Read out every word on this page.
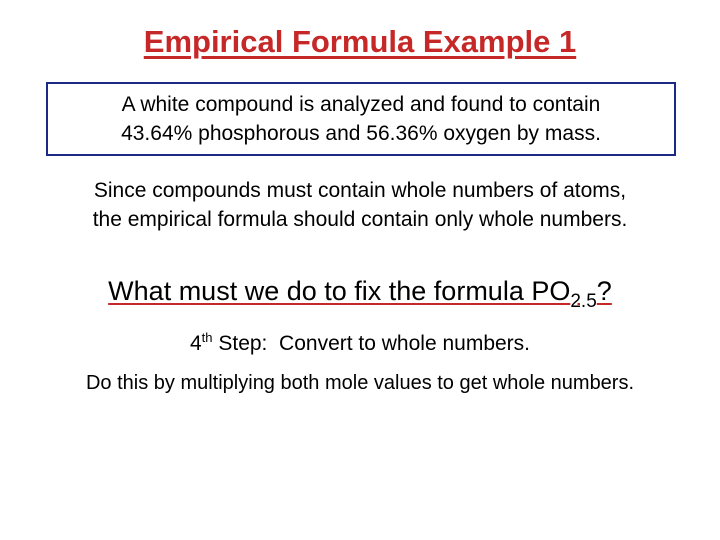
Empirical Formula Example 1
A white compound is analyzed and found to contain
43.64% phosphorous and 56.36% oxygen by mass.
Since compounds must contain whole numbers of atoms,
the empirical formula should contain only whole numbers.
What must we do to fix the formula $PO_{2.5}$?
4th Step:  Convert to whole numbers.
Do this by multiplying both mole values to get whole numbers.
